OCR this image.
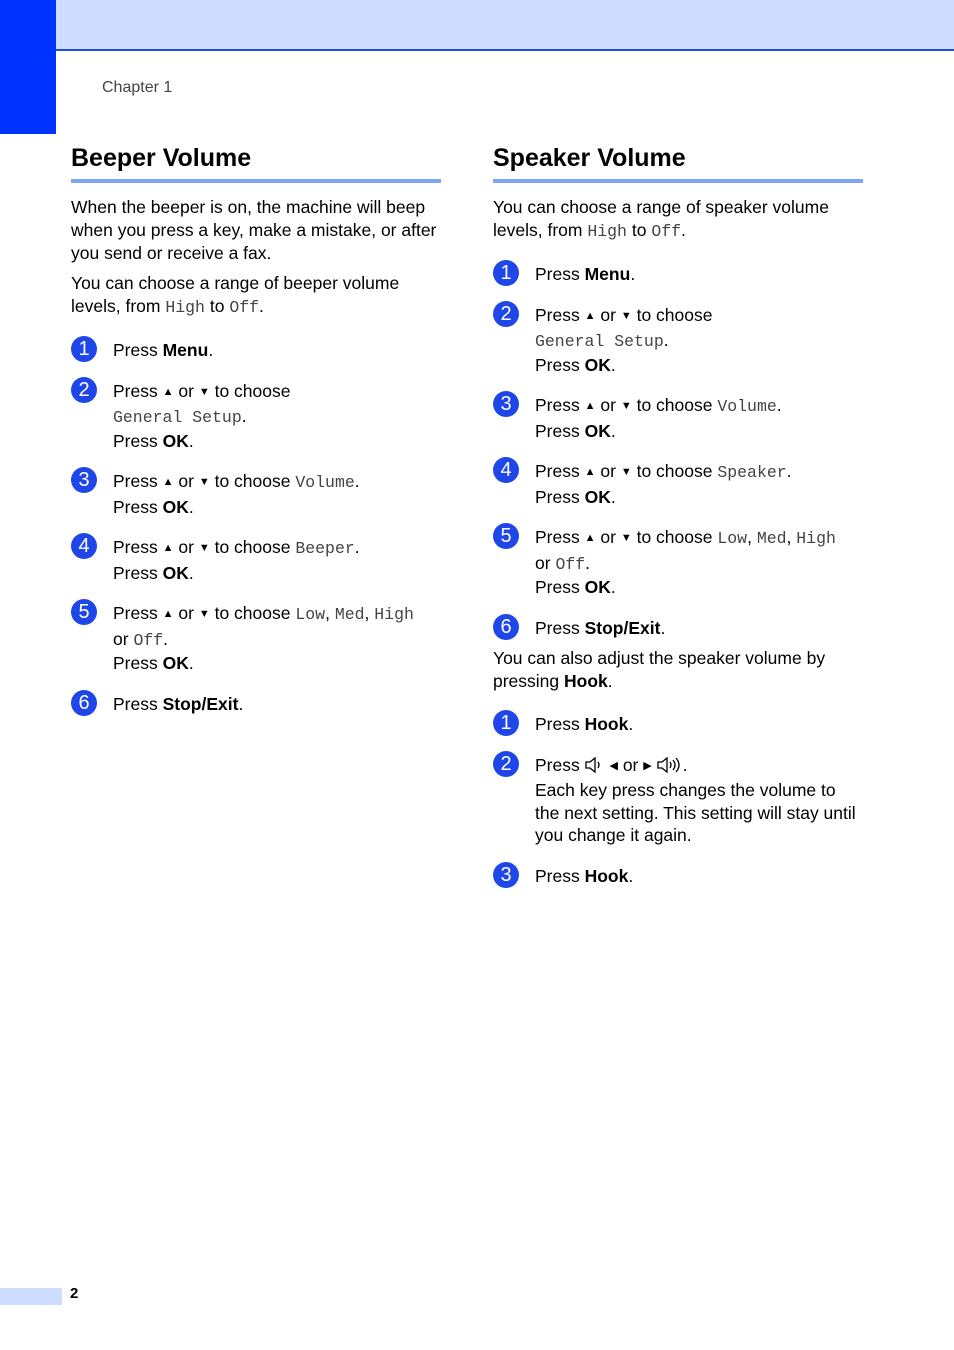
Chapter 1
Beeper Volume

When the beeper is on, the machine will beep when you press a key, make a mistake, or after you send or receive a fax.

You can choose a range of beeper volume levels, from High to Off.

1	Press Menu.
2	Press ▲ or ▼ to choose
General Setup.
Press OK.
3	Press ▲ or ▼ to choose Volume.
Press OK.
4	Press ▲ or ▼ to choose Beeper.
Press OK.
5	Press ▲ or ▼ to choose Low, Med, High
or Off.
Press OK.
6	Press Stop/Exit.
Speaker Volume

You can choose a range of speaker volume levels, from High to Off.

1	Press Menu.
2	Press ▲ or ▼ to choose
General Setup.
Press OK.
3	Press ▲ or ▼ to choose Volume.
Press OK.
4	Press ▲ or ▼ to choose Speaker.
Press OK.
5	Press ▲ or ▼ to choose Low, Med, High
or Off.
Press OK.
6	Press Stop/Exit.

You can also adjust the speaker volume by pressing Hook.

1	Press Hook.
2	Press	◀ or ▶ .
Each key press changes the volume to the next setting. This setting will stay until you change it again.
3	Press Hook.
2
